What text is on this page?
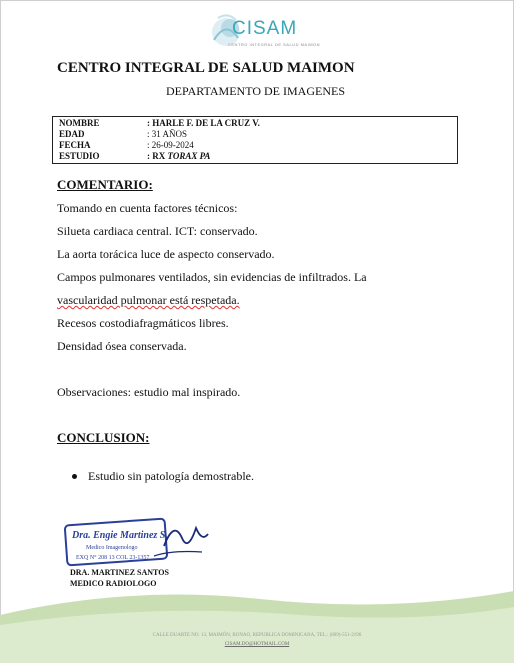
CISAM
CENTRO INTEGRAL DE SALUD MAIMON
CENTRO INTEGRAL DE SALUD MAIMON
DEPARTAMENTO DE IMAGENES
NOMBRE	: HARLE F. DE LA CRUZ V.
EDAD	: 31 AÑOS
FECHA	: 26-09-2024
ESTUDIO	: RX TORAX PA
COMENTARIO:
Tomando en cuenta factores técnicos:
Silueta cardiaca central. ICT: conservado.
La aorta torácica luce de aspecto conservado.
Campos pulmonares ventilados, sin evidencias de infiltrados. La
vascularidad pulmonar está respetada.
Recesos costodiafragmáticos libres.
Densidad ósea conservada.
Observaciones: estudio mal inspirado.
CONCLUSION:
Estudio sin patología demostrable.
Dra. Engie Martinez S.
Medico Imagenologo
EXQ N° 208 13 COL 23-1357
DRA. MARTINEZ SANTOS
MEDICO RADIOLOGO
CALLE DUARTE NO. 13, MAIMÓN, BONAO, REPUBLICA DOMINICANA, TEL.: (809)-551-2196
CISAM.DO@HOTMAIL.COM
